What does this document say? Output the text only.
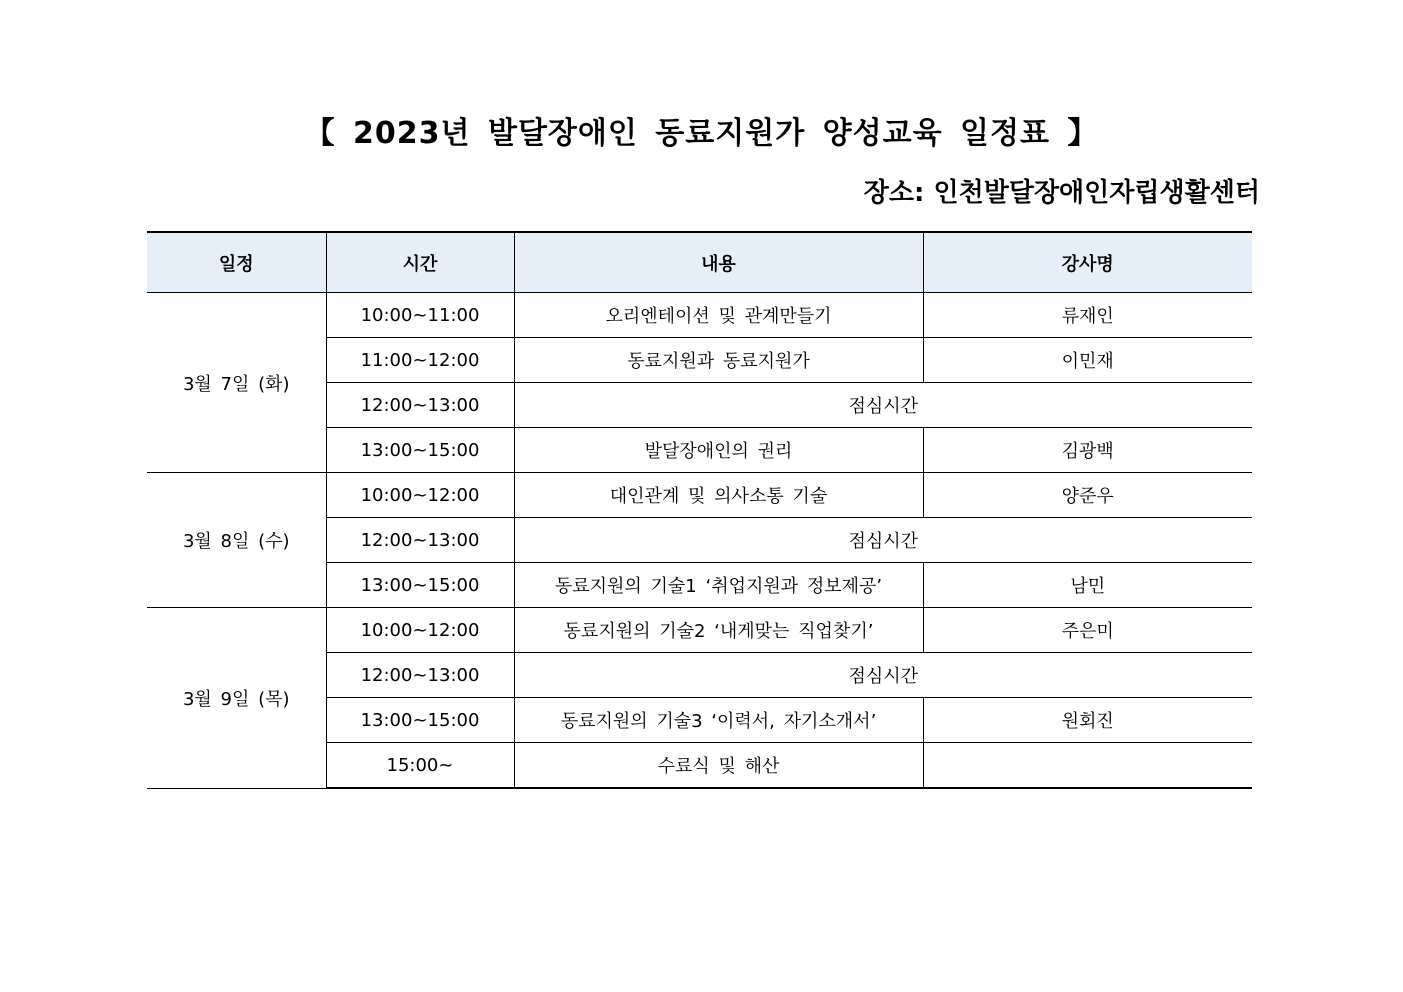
【 2023년 발달장애인 동료지원가 양성교육 일정표 】
장소: 인천발달장애인자립생활센터
일정	시간	내용	강사명
3월 7일 (화)	10:00~11:00	오리엔테이션 및 관계만들기	류재인
	11:00~12:00	동료지원과 동료지원가	이민재
	12:00~13:00	점심시간	
	13:00~15:00	발달장애인의 권리	김광백
3월 8일 (수)	10:00~12:00	대인관계 및 의사소통 기술	양준우
	12:00~13:00	점심시간	
	13:00~15:00	동료지원의 기술1 ‘취업지원과 정보제공’	남민
3월 9일 (목)	10:00~12:00	동료지원의 기술2 ‘내게맞는 직업찾기’	주은미
	12:00~13:00	점심시간	
	13:00~15:00	동료지원의 기술3 ‘이력서, 자기소개서’	원회진
	15:00~	수료식 및 해산	
